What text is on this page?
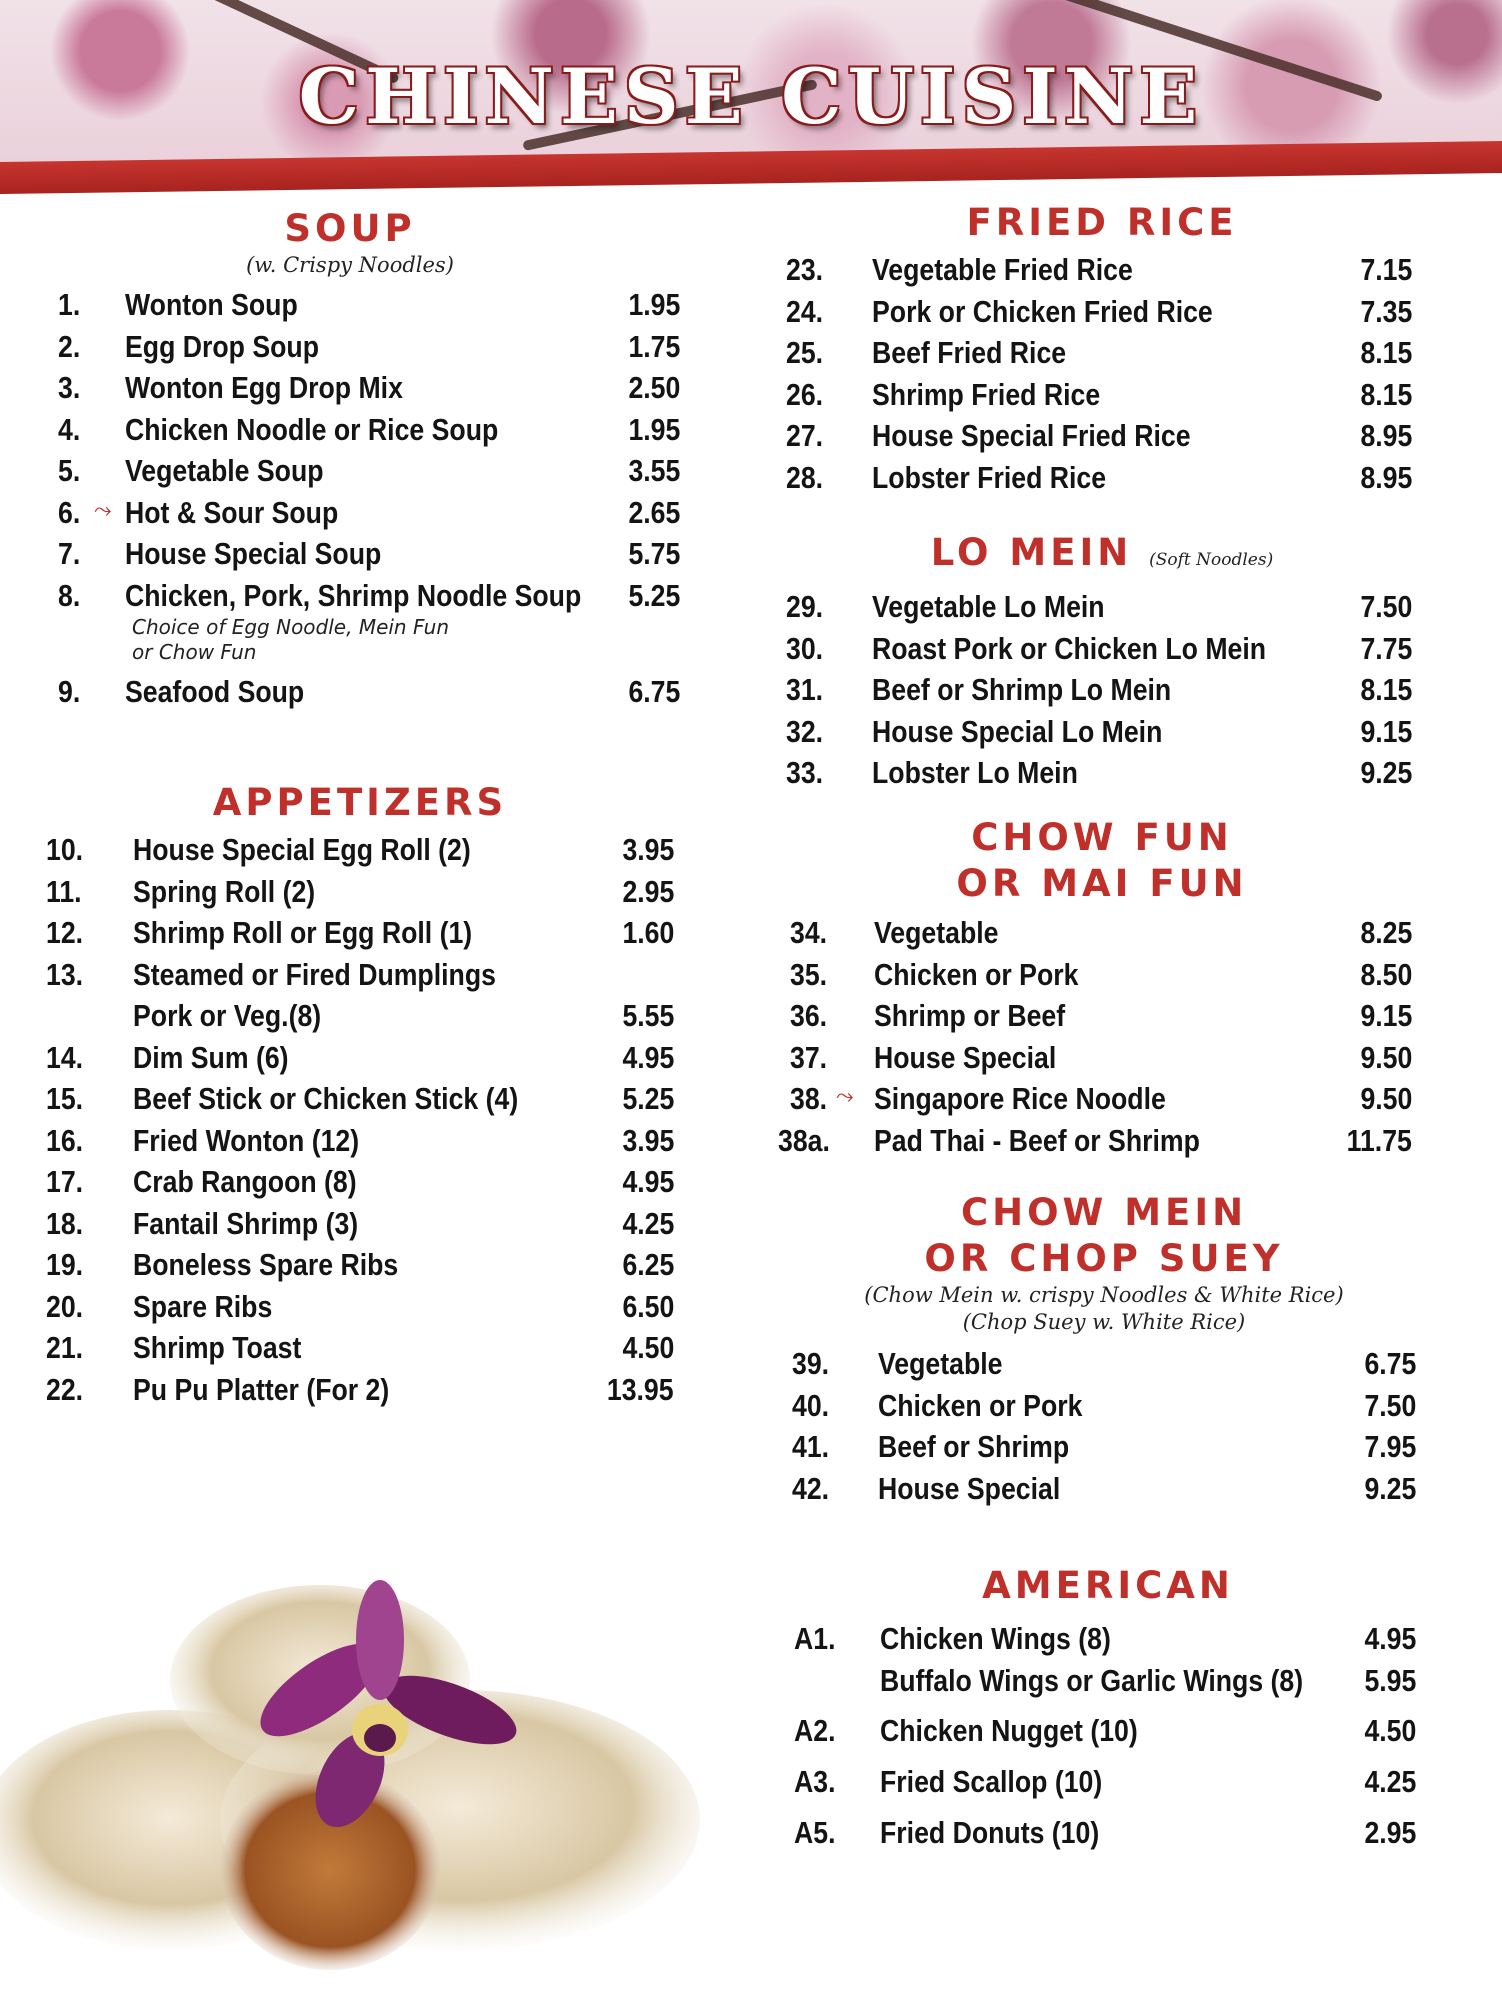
CHINESE CUISINE
SOUP
(w. Crispy Noodles)
1. Wonton Soup	1.95
2. Egg Drop Soup	1.75
3. Wonton Egg Drop Mix	2.50
4. Chicken Noodle or Rice Soup	1.95
5. Vegetable Soup	3.55
6. ⤳ Hot & Sour Soup	2.65
7. House Special Soup	5.75
8. Chicken, Pork, Shrimp Noodle Soup 5.25
Choice of Egg Noodle, Mein Fun
or Chow Fun
9. Seafood Soup	6.75
APPETIZERS
10. House Special Egg Roll (2)	3.95
11. Spring Roll (2)	2.95
12. Shrimp Roll or Egg Roll (1)	1.60
13. Steamed or Fired Dumplings
Pork or Veg.(8)	5.55
14. Dim Sum (6)	4.95
15. Beef Stick or Chicken Stick (4)	5.25
16. Fried Wonton (12)	3.95
17. Crab Rangoon (8)	4.95
18. Fantail Shrimp (3)	4.25
19. Boneless Spare Ribs	6.25
20. Spare Ribs	6.50
21. Shrimp Toast	4.50
22. Pu Pu Platter (For 2)	13.95
FRIED RICE
23. Vegetable Fried Rice	7.15
24. Pork or Chicken Fried Rice	7.35
25. Beef Fried Rice	8.15
26. Shrimp Fried Rice	8.15
27. House Special Fried Rice	8.95
28. Lobster Fried Rice	8.95
LO MEIN (Soft Noodles)
29. Vegetable Lo Mein	7.50
30. Roast Pork or Chicken Lo Mein	7.75
31. Beef or Shrimp Lo Mein	8.15
32. House Special Lo Mein	9.15
33. Lobster Lo Mein	9.25
CHOW FUN
OR MAI FUN
34. Vegetable	8.25
35. Chicken or Pork	8.50
36. Shrimp or Beef	9.15
37. House Special	9.50
38. ⤳ Singapore Rice Noodle	9.50
38a. Pad Thai - Beef or Shrimp	11.75
CHOW MEIN
OR CHOP SUEY
(Chow Mein w. crispy Noodles & White Rice)
(Chop Suey w. White Rice)
39. Vegetable	6.75
40. Chicken or Pork	7.50
41. Beef or Shrimp	7.95
42. House Special	9.25
AMERICAN
A1. Chicken Wings (8)	4.95
Buffalo Wings or Garlic Wings (8) 5.95
A2. Chicken Nugget (10)	4.50
A3. Fried Scallop (10)	4.25
A5. Fried Donuts (10)	2.95
